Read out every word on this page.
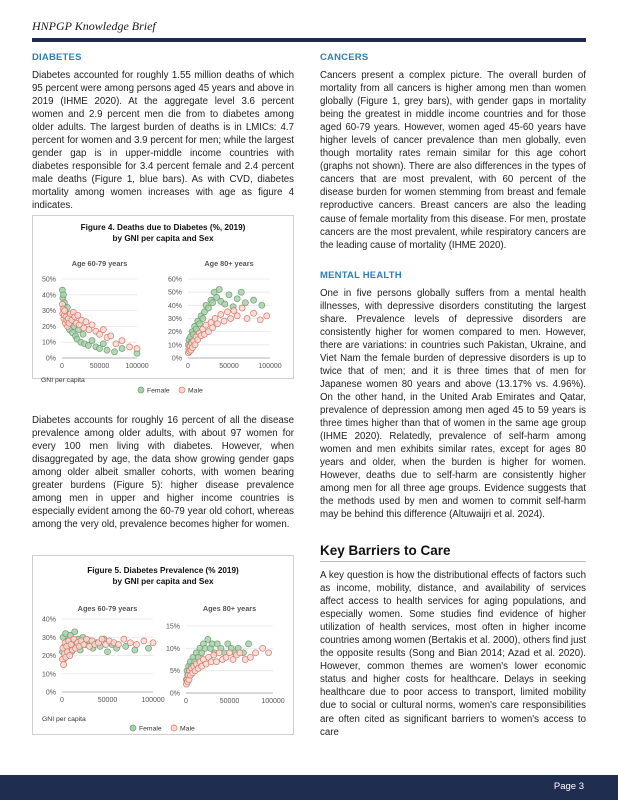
HNPGP Knowledge Brief
DIABETES

Diabetes accounted for roughly 1.55 million deaths of which 95 percent were among persons aged 45 years and above in 2019 (IHME 2020). At the aggregate level 3.6 percent women and 2.9 percent men die from to diabetes among older adults. The largest burden of deaths is in LMICs: 4.7 percent for women and 3.9 percent for men; while the largest gender gap is in upper-middle income countries with diabetes responsible for 3.4 percent female and 2.4 percent male deaths (Figure 1, blue bars). As with CVD, diabetes mortality among women increases with age as figure 4 indicates.

Figure 4. Deaths due to Diabetes (%, 2019)
by GNI per capita and Sex
Age 60-79 years
0%
10%
20%
30%
40%
50%
0	50000 100000
Age 80+ years
0%
10%
20%
30%
40%
50%
60%
0	50000	100000
GNI per capita
Female	Male

Diabetes accounts for roughly 16 percent of all the disease prevalence among older adults, with about 97 women for every 100 men living with diabetes. However, when disaggregated by age, the data show growing gender gaps among older albeit smaller cohorts, with women bearing greater burdens (Figure 5): higher disease prevalence among men in upper and higher income countries is especially evident among the 60-79 year old cohort, whereas among the very old, prevalence becomes higher for women.

Figure 5. Diabetes Prevalence (% 2019)
by GNI per capita and Sex
Ages 60-79 years
0%
10%
20%
30%
40%
0	50000	100000
Ages 80+ years
0%
5%
10%
15%
0	50000	100000
GNI per capita
Female	Male
CANCERS

Cancers present a complex picture. The overall burden of mortality from all cancers is higher among men than women globally (Figure 1, grey bars), with gender gaps in mortality being the greatest in middle income countries and for those aged 60-79 years. However, women aged 45-60 years have higher levels of cancer prevalence than men globally, even though mortality rates remain similar for this age cohort (graphs not shown). There are also differences in the types of cancers that are most prevalent, with 60 percent of the disease burden for women stemming from breast and female reproductive cancers. Breast cancers are also the leading cause of female mortality from this disease. For men, prostate cancers are the most prevalent, while respiratory cancers are the leading cause of mortality (IHME 2020).

MENTAL HEALTH

One in five persons globally suffers from a mental health illnesses, with depressive disorders constituting the largest share. Prevalence levels of depressive disorders are consistently higher for women compared to men. However, there are variations: in countries such Pakistan, Ukraine, and Viet Nam the female burden of depressive disorders is up to twice that of men; and it is three times that of men for Japanese women 80 years and above (13.17% vs. 4.96%). On the other hand, in the United Arab Emirates and Qatar, prevalence of depression among men aged 45 to 59 years is three times higher than that of women in the same age group (IHME 2020). Relatedly, prevalence of self-harm among women and men exhibits similar rates, except for ages 80 years and older, when the burden is higher for women. However, deaths due to self-harm are consistently higher among men for all three age groups. Evidence suggests that the methods used by men and women to commit self-harm may be behind this difference (Altuwaijri et al. 2024).

Key Barriers to Care

A key question is how the distributional effects of factors such as income, mobility, distance, and availability of services affect access to health services for aging populations, and especially women. Some studies find evidence of higher utilization of health services, most often in higher income countries among women (Bertakis et al. 2000), others find just the opposite results (Song and Bian 2014; Azad et al. 2020). However, common themes are women's lower economic status and higher costs for healthcare. Delays in seeking healthcare due to poor access to transport, limited mobility due to social or cultural norms, women's care responsibilities are often cited as significant barriers to women's access to care

Page 3
